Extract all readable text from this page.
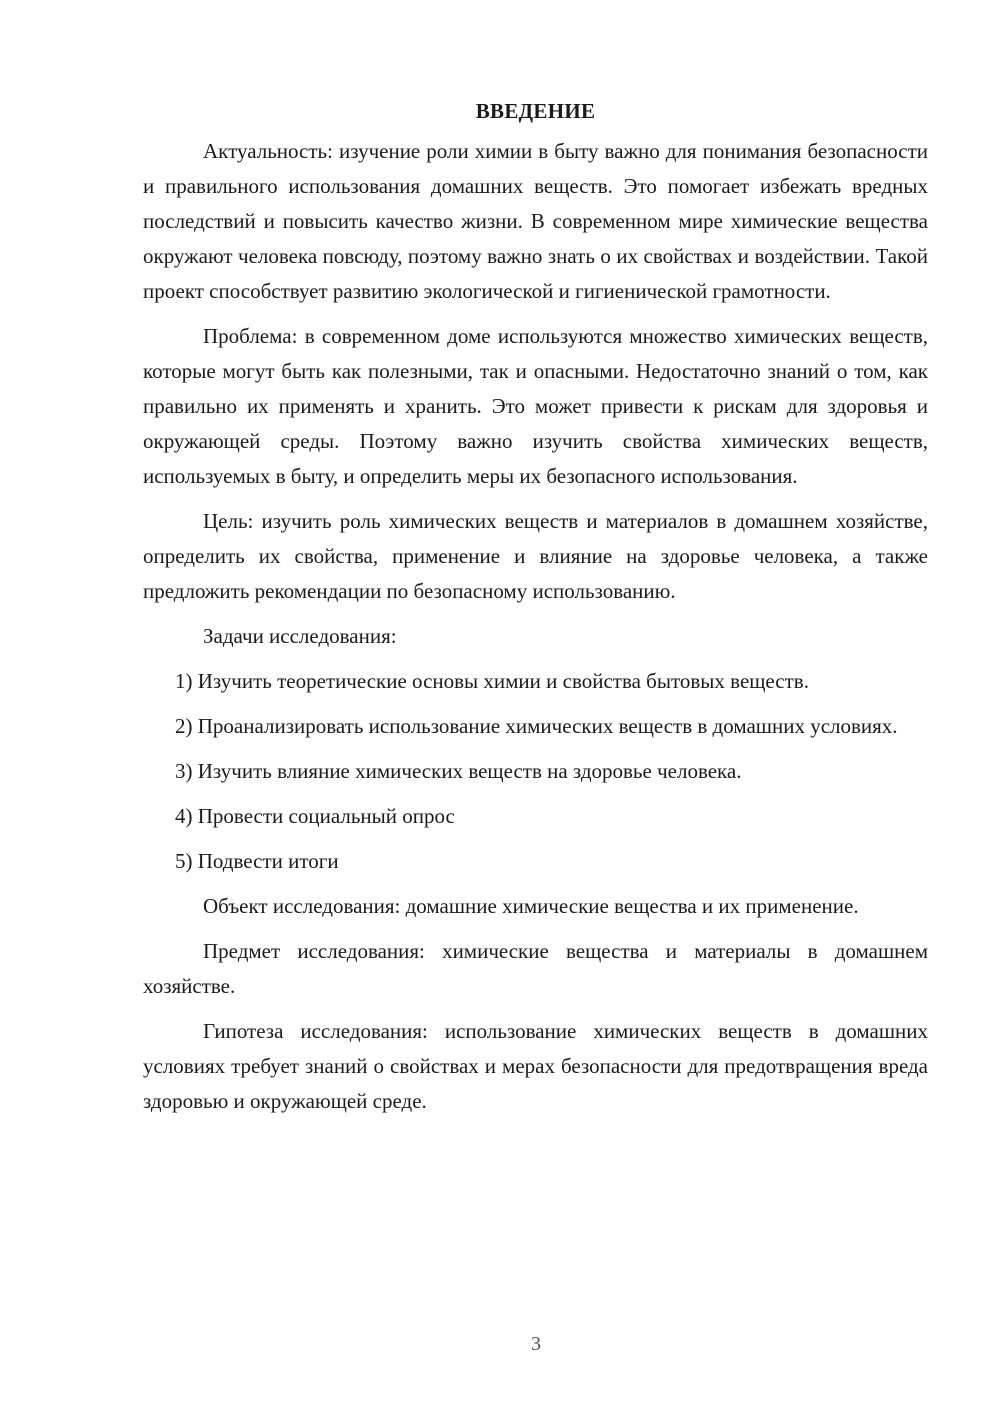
ВВЕДЕНИЕ

Актуальность: изучение роли химии в быту важно для понимания безопасности и правильного использования домашних веществ. Это помогает избежать вредных последствий и повысить качество жизни. В современном мире химические вещества окружают человека повсюду, поэтому важно знать о их свойствах и воздействии. Такой проект способствует развитию экологической и гигиенической грамотности.

Проблема: в современном доме используются множество химических веществ, которые могут быть как полезными, так и опасными. Недостаточно знаний о том, как правильно их применять и хранить. Это может привести к рискам для здоровья и окружающей среды. Поэтому важно изучить свойства химических веществ, используемых в быту, и определить меры их безопасного использования.

Цель: изучить роль химических веществ и материалов в домашнем хозяйстве, определить их свойства, применение и влияние на здоровье человека, а также предложить рекомендации по безопасному использованию.

Задачи исследования:

1) Изучить теоретические основы химии и свойства бытовых веществ.

2) Проанализировать использование химических веществ в домашних условиях.

3) Изучить влияние химических веществ на здоровье человека.

4) Провести социальный опрос

5) Подвести итоги

Объект исследования: домашние химические вещества и их применение.

Предмет исследования: химические вещества и материалы в домашнем хозяйстве.

Гипотеза исследования: использование химических веществ в домашних условиях требует знаний о свойствах и мерах безопасности для предотвращения вреда здоровью и окружающей среде.

3
